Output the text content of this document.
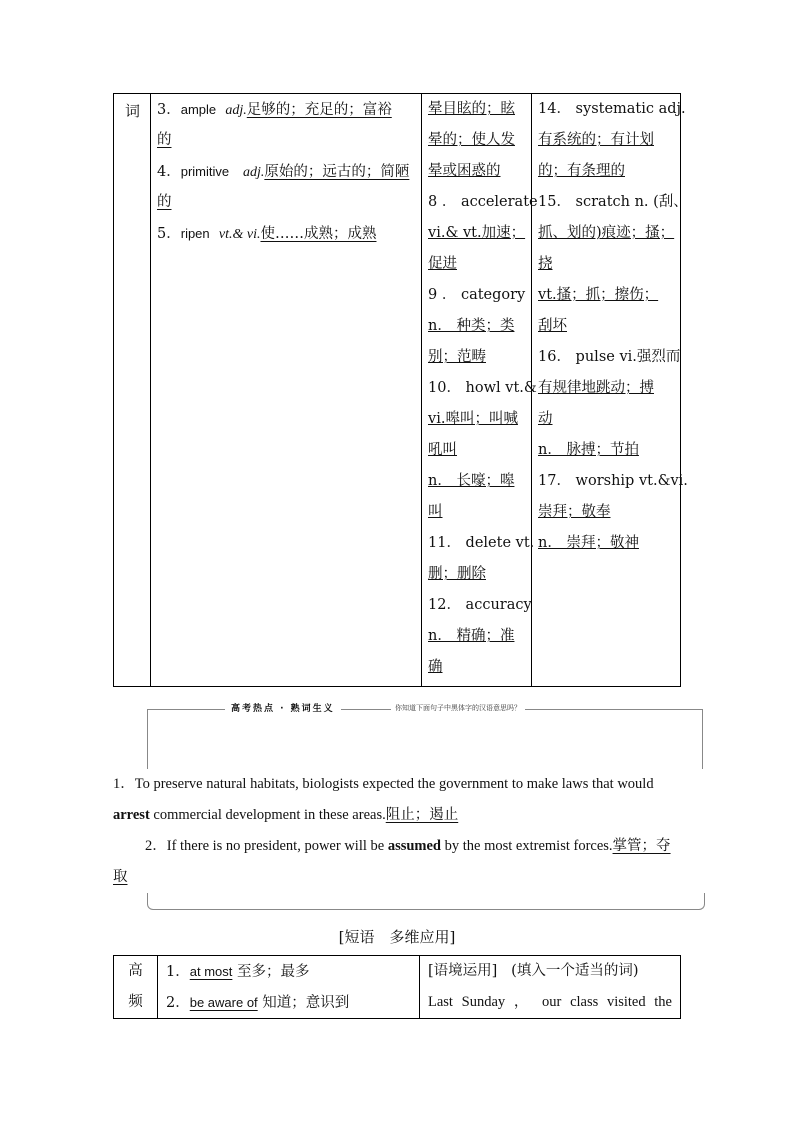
词	3．ample adj.足够的；充足的；富裕
的
4．primitive adj.原始的；远古的；简陋
的
5．ripen vt.& vi.使……成熟；成熟
晕目眩的；眩
晕的；使人发
晕或困惑的
8 ． accelerate
vi.& vt.加速；
促进
9 ． category
n． 种类；类
别；范畴
10． howl vt.&
vi.嗥叫；叫喊
吼叫
n． 长嚎；嗥
叫
11． delete vt.
删；删除
12． accuracy
n． 精确；准
确
14． systematic adj.
有系统的；有计划
的；有条理的
15． scratch n. (刮、
抓、划的)痕迹；搔；
挠
vt.搔；抓；擦伤；
刮坏
16． pulse vi.强烈而
有规律地跳动；搏
动
n． 脉搏；节拍
17． worship vt.&vi.
崇拜；敬奉
n． 崇拜；敬神
高考热点 · 熟词生义	你知道下面句子中黑体字的汉语意思吗？
1．To preserve natural habitats, biologists expected the government to make laws that would arrest commercial development in these areas.阻止；遏止
2．If there is no president, power will be assumed by the most extremist forces.掌管；夺取
[短语　多维应用]
高
频
1．at most 至多；最多
2．be aware of 知道；意识到
[语境运用] (填入一个适当的词)
Last Sunday ， our class visited the
